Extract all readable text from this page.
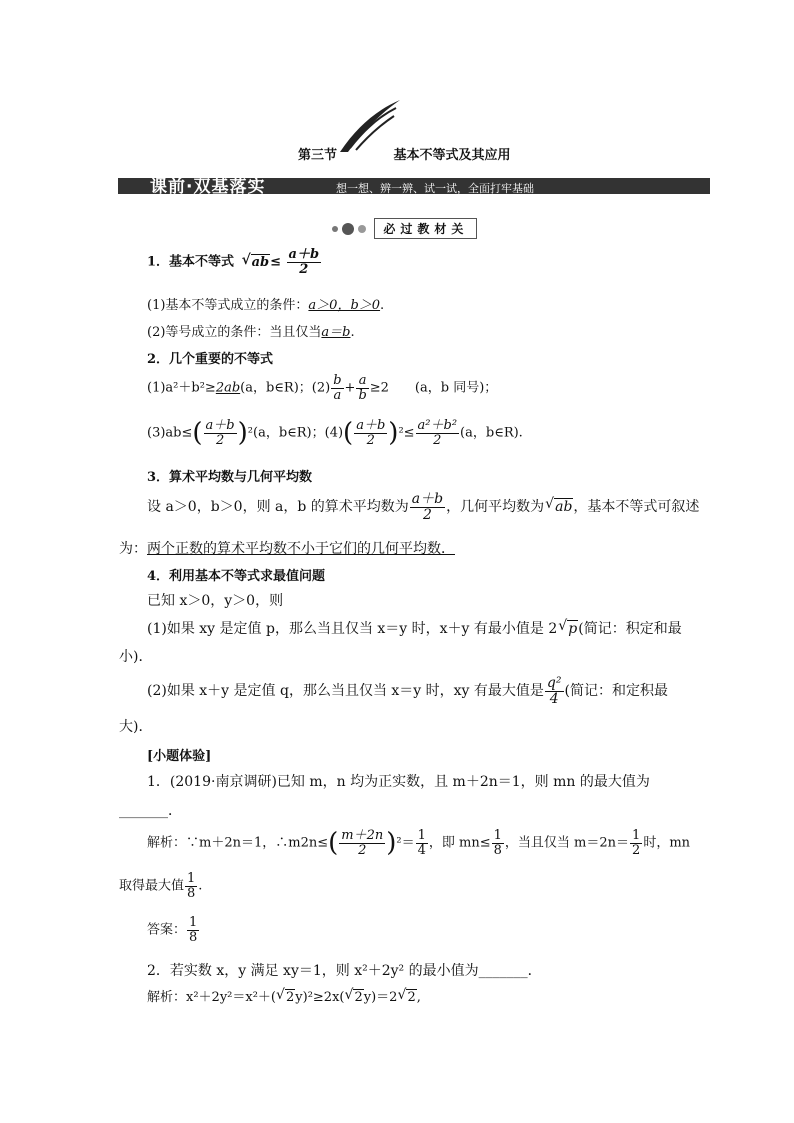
第三节	基本不等式及其应用
课前·双基落实	想一想、辨一辨、试一试，全面打牢基础
必过教材关
1．基本不等式 √ $ab\le \frac{a+b}{2}$
(1)基本不等式成立的条件：a＞0，b＞0.
(2)等号成立的条件：当且仅当a＝b.
2．几个重要的不等式
(1)a²＋b²≥2ab(a，b∈R)；$(2) \frac{b}{a} + \frac{a}{b} \ge 2$　　(a，b 同号)；
$(3)ab\le( \frac{a+b}{2} )^2(a$，b∈R)；$(4)( \frac{a+b}{2} )^2\le \frac{\text{a²＋b²}}{2} (a$，b∈R).
3．算术平均数与几何平均数
设 a＞0，b＞0，则 a，b 的算术平均数为 $\frac{a+b}{2}$ ，几何平均数为 √ ab，基本不等式可叙述
为：两个正数的算术平均数不小于它们的几何平均数．
4．利用基本不等式求最值问题
已知 x＞0，y＞0，则
(1)如果 xy 是定值 p，那么当且仅当 x＝y 时，x＋y 有最小值是 2 √ p(简记：积定和最
小)．
(2)如果 x＋y 是定值 q，那么当且仅当 x＝y 时，xy 有最大值是 $\frac{\text{q²}}{4}$ (简记：和定积最
大)．
[小题体验]
1．(2019·南京调研)已知 m，n 均为正实数，且 m＋2n＝1，则 mn 的最大值为
_______．
解析：∵m＋2n＝1，∴m2n≤( $\frac{m+2n}{2} )^2= \frac{1}{4}$ ，即 $mn\le \frac{1}{8}$ ，当且仅当 $m=2n= \frac{1}{2}$ 时，mn
取得最大值 $\frac{1}{8}$ .
答案： $\frac{1}{8}$
2．若实数 x，y 满足 xy＝1，则 x²＋2y² 的最小值为_______．
解析：x²＋2y²＝x²＋( √ 2y)²≥2x( √ 2y)＝2 √ 2,
